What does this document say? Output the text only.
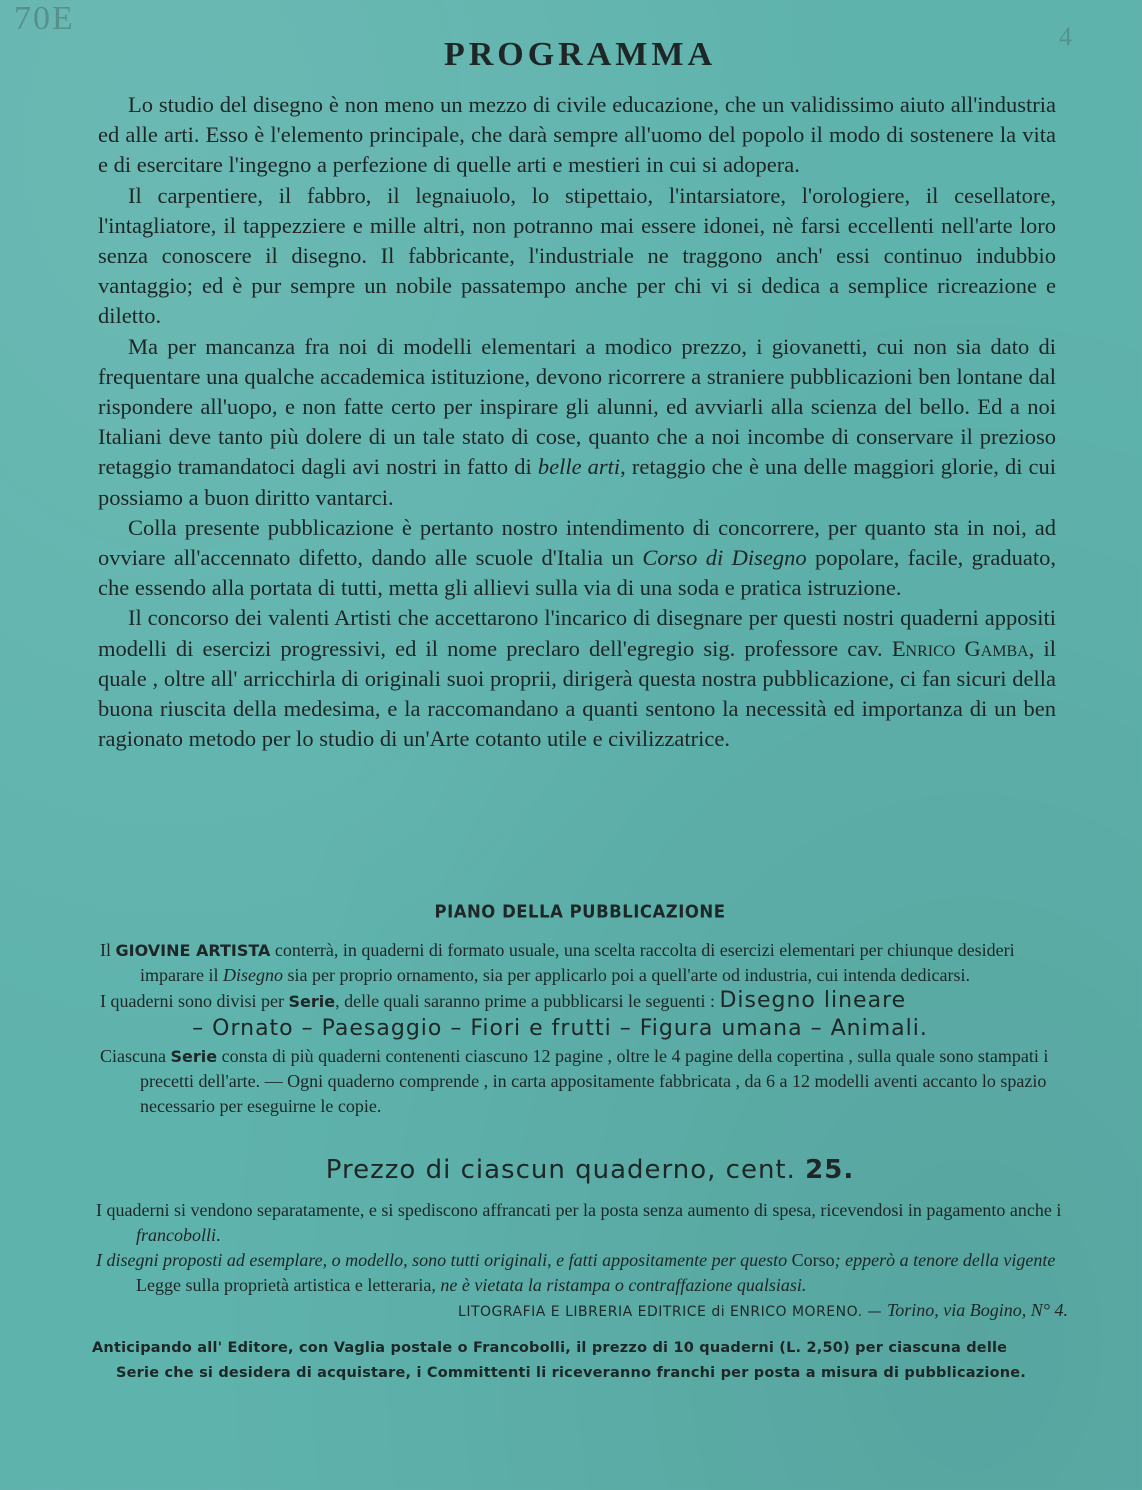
70E	4
PROGRAMMA

Lo studio del disegno è non meno un mezzo di civile educazione, che un validissimo aiuto all'industria ed alle arti. Esso è l'elemento principale, che darà sempre all'uomo del popolo il modo di sostenere la vita e di esercitare l'ingegno a perfezione di quelle arti e mestieri in cui si adopera.

Il carpentiere, il fabbro, il legnaiuolo, lo stipettaio, l'intarsiatore, l'orologiere, il cesellatore, l'intagliatore, il tappezziere e mille altri, non potranno mai essere idonei, nè farsi eccellenti nell'arte loro senza conoscere il disegno. Il fabbricante, l'industriale ne traggono anch' essi continuo indubbio vantaggio; ed è pur sempre un nobile passatempo anche per chi vi si dedica a semplice ricreazione e diletto.

Ma per mancanza fra noi di modelli elementari a modico prezzo, i giovanetti, cui non sia dato di frequentare una qualche accademica istituzione, devono ricorrere a straniere pubblicazioni ben lontane dal rispondere all'uopo, e non fatte certo per inspirare gli alunni, ed avviarli alla scienza del bello. Ed a noi Italiani deve tanto più dolere di un tale stato di cose, quanto che a noi incombe di conservare il prezioso retaggio tramandatoci dagli avi nostri in fatto di belle arti, retaggio che è una delle maggiori glorie, di cui possiamo a buon diritto vantarci.

Colla presente pubblicazione è pertanto nostro intendimento di concorrere, per quanto sta in noi, ad ovviare all'accennato difetto, dando alle scuole d'Italia un Corso di Disegno popolare, facile, graduato, che essendo alla portata di tutti, metta gli allievi sulla via di una soda e pratica istruzione.

Il concorso dei valenti Artisti che accettarono l'incarico di disegnare per questi nostri quaderni appositi modelli di esercizi progressivi, ed il nome preclaro dell'egregio sig. professore cav. Enrico Gamba, il quale , oltre all' arricchirla di originali suoi proprii, dirigerà questa nostra pubblicazione, ci fan sicuri della buona riuscita della medesima, e la raccomandano a quanti sentono la necessità ed importanza di un ben ragionato metodo per lo studio di un'Arte cotanto utile e civilizzatrice.

PIANO DELLA PUBBLICAZIONE

Il GIOVINE ARTISTA conterrà, in quaderni di formato usuale, una scelta raccolta di esercizi elementari per chiunque desideri imparare il Disegno sia per proprio ornamento, sia per applicarlo poi a quell'arte od industria, cui intenda dedicarsi.

I quaderni sono divisi per Serie, delle quali saranno prime a pubblicarsi le seguenti : Disegno lineare
– Ornato – Paesaggio – Fiori e frutti – Figura umana – Animali.

Ciascuna Serie consta di più quaderni contenenti ciascuno 12 pagine , oltre le 4 pagine della copertina , sulla quale sono stampati i precetti dell'arte. — Ogni quaderno comprende , in carta appositamente fabbricata , da 6 a 12 modelli aventi accanto lo spazio necessario per eseguirne le copie.

Prezzo di ciascun quaderno, cent. 25.

I quaderni si vendono separatamente, e si spediscono affrancati per la posta senza aumento di spesa, ricevendosi in pagamento anche i francobolli.

I disegni proposti ad esemplare, o modello, sono tutti originali, e fatti appositamente per questo Corso; epperò a tenore della vigente Legge sulla proprietà artistica e letteraria, ne è vietata la ristampa o contraffazione qualsiasi.

LITOGRAFIA E LIBRERIA EDITRICE di ENRICO MORENO. — Torino, via Bogino, N° 4.

Anticipando all' Editore, con Vaglia postale o Francobolli, il prezzo di 10 quaderni (L. 2,50) per ciascuna delle

Serie che si desidera di acquistare, i Committenti li riceveranno franchi per posta a misura di pubblicazione.
